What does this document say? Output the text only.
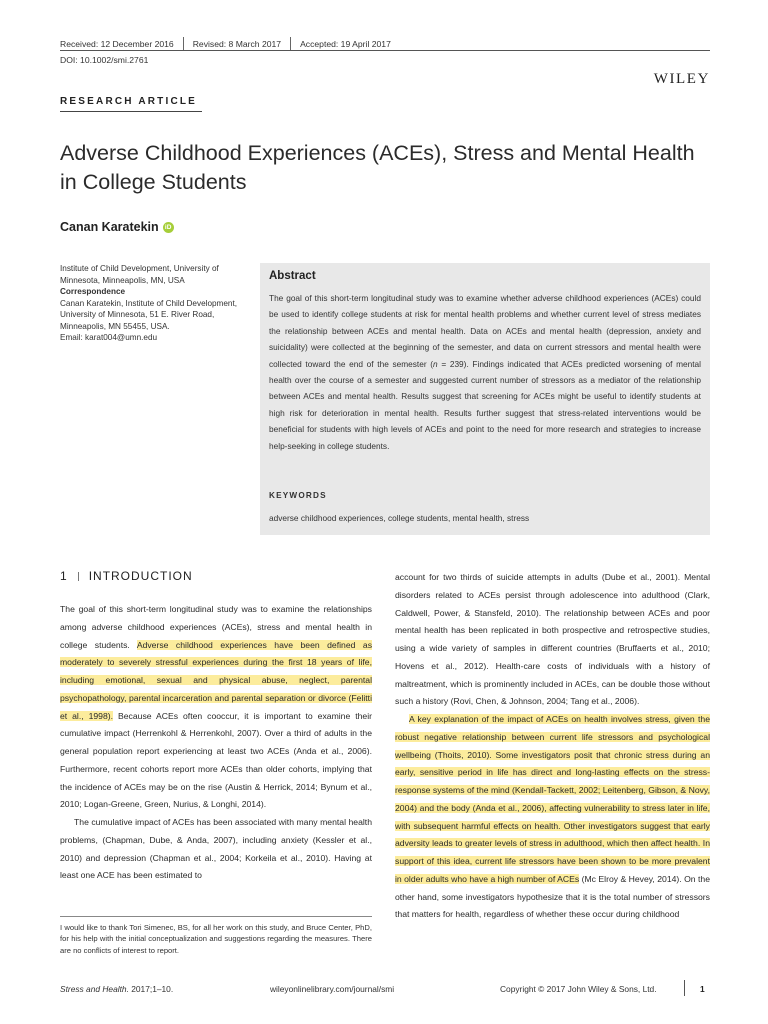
Received: 12 December 2016 Revised: 8 March 2017 Accepted: 19 April 2017
DOI: 10.1002/smi.2761
WILEY
RESEARCH ARTICLE
Adverse Childhood Experiences (ACEs), Stress and Mental Health in College Students
Canan Karatekin iD

Institute of Child Development, University of Minnesota, Minneapolis, MN, USA

Correspondence

Canan Karatekin, Institute of Child Development, University of Minnesota, 51 E. River Road, Minneapolis, MN 55455, USA.

Email: karat004@umn.edu

Abstract
The goal of this short-term longitudinal study was to examine whether adverse childhood experiences (ACEs) could be used to identify college students at risk for mental health problems and whether current level of stress mediates the relationship between ACEs and mental health. Data on ACEs and mental health (depression, anxiety and suicidality) were collected at the beginning of the semester, and data on current stressors and mental health were collected toward the end of the semester (n = 239). Findings indicated that ACEs predicted worsening of mental health over the course of a semester and suggested current number of stressors as a mediator of the relationship between ACEs and mental health. Results suggest that screening for ACEs might be useful to identify students at high risk for deterioration in mental health. Results further suggest that stress-related interventions would be beneficial for students with high levels of ACEs and point to the need for more research and strategies to increase help-seeking in college students.
KEYWORDS
adverse childhood experiences, college students, mental health, stress
1 INTRODUCTION

The goal of this short-term longitudinal study was to examine the relationships among adverse childhood experiences (ACEs), stress and mental health in college students. Adverse childhood experiences have been defined as moderately to severely stressful experiences during the first 18 years of life, including emotional, sexual and physical abuse, neglect, parental psychopathology, parental incarceration and parental separation or divorce (Felitti et al., 1998). Because ACEs often cooccur, it is important to examine their cumulative impact (Herrenkohl & Herrenkohl, 2007). Over a third of adults in the general population report experiencing at least two ACEs (Anda et al., 2006). Furthermore, recent cohorts report more ACEs than older cohorts, implying that the incidence of ACEs may be on the rise (Austin & Herrick, 2014; Bynum et al., 2010; Logan-Greene, Green, Nurius, & Longhi, 2014).

The cumulative impact of ACEs has been associated with many mental health problems, (Chapman, Dube, & Anda, 2007), including anxiety (Kessler et al., 2010) and depression (Chapman et al., 2004; Korkeila et al., 2010). Having at least one ACE has been estimated to

account for two thirds of suicide attempts in adults (Dube et al., 2001). Mental disorders related to ACEs persist through adolescence into adulthood (Clark, Caldwell, Power, & Stansfeld, 2010). The relationship between ACEs and poor mental health has been replicated in both prospective and retrospective studies, using a wide variety of samples in different countries (Bruffaerts et al., 2010; Hovens et al., 2012). Health-care costs of individuals with a history of maltreatment, which is prominently included in ACEs, can be double those without such a history (Rovi, Chen, & Johnson, 2004; Tang et al., 2006).

A key explanation of the impact of ACEs on health involves stress, given the robust negative relationship between current life stressors and psychological wellbeing (Thoits, 2010). Some investigators posit that chronic stress during an early, sensitive period in life has direct and long-lasting effects on the stress-response systems of the mind (Kendall-Tackett, 2002; Leitenberg, Gibson, & Novy, 2004) and the body (Anda et al., 2006), affecting vulnerability to stress later in life, with subsequent harmful effects on health. Other investigators suggest that early adversity leads to greater levels of stress in adulthood, which then affect health. In support of this idea, current life stressors have been shown to be more prevalent in older adults who have a high number of ACEs (Mc Elroy & Hevey, 2014). On the other hand, some investigators hypothesize that it is the total number of stressors that matters for health, regardless of whether these occur during childhood

I would like to thank Tori Simenec, BS, for all her work on this study, and Bruce Center, PhD, for his help with the initial conceptualization and suggestions regarding the measures. There are no conflicts of interest to report.
Stress and Health. 2017;1–10.	wileyonlinelibrary.com/journal/smi	Copyright © 2017 John Wiley & Sons, Ltd.	1
